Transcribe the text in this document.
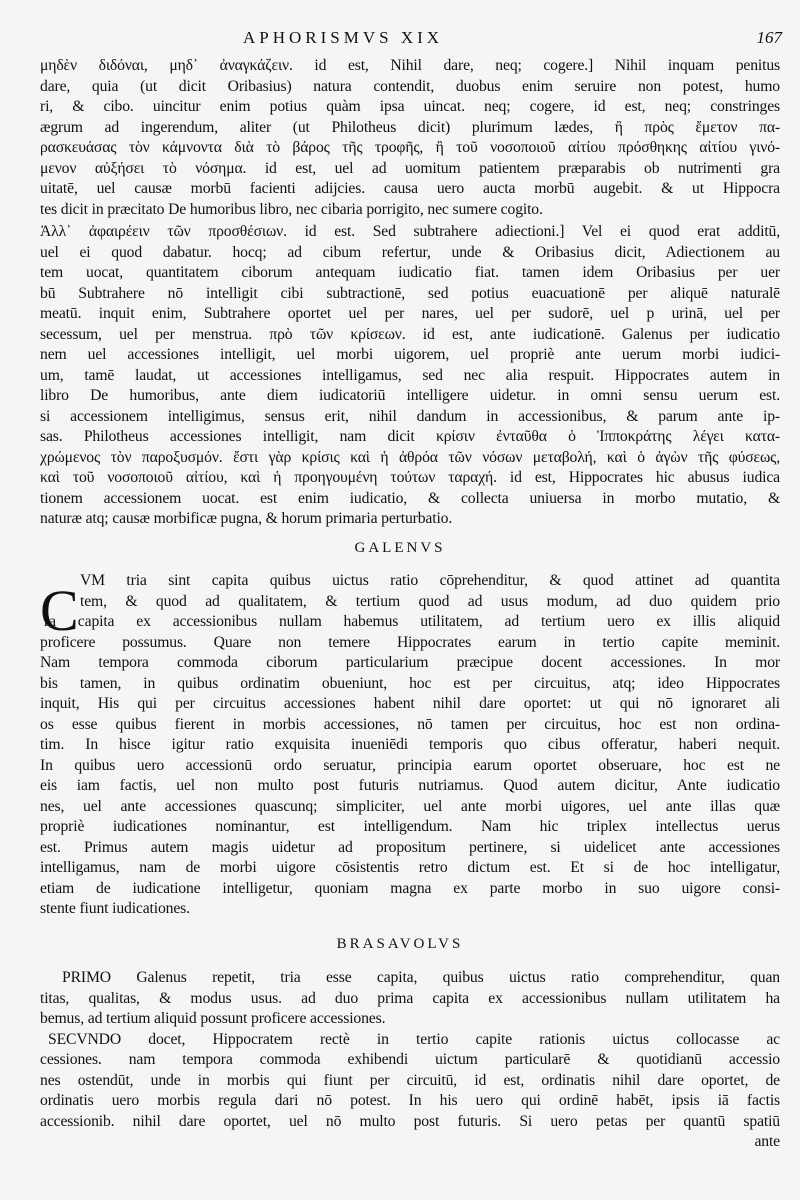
APHORISMVS XIX	167
μηδὲν διδόναι, μηδ᾽ ἀναγκάζειν. id est, Nihil dare, neq; cogere.] Nihil inquam penitus
dare, quia (ut dicit Oribasius) natura contendit, duobus enim seruire non potest, humo
ri, & cibo. uincitur enim potius quàm ipsa uincat. neq; cogere, id est, neq; constringes
ægrum ad ingerendum, aliter (ut Philotheus dicit) plurimum lædes, ἢ πρὸς ἔμετον πα-
ρασκευάσας τὸν κάμνοντα διὰ τὸ βάρος τῆς τροφῆς, ἢ τοῦ νοσοποιοῦ αἰτίου πρόσθηκης αἰτίου γινό-
μενον αὐξήσει τὸ νόσημα. id est, uel ad uomitum patientem præparabis ob nutrimenti gra
uitatē, uel causæ morbū facienti adijcies. causa uero aucta morbū augebit. & ut Hippocra
tes dicit in præcitato De humoribus libro, nec cibaria porrigito, nec sumere cogito.
Ἀλλ᾽ ἀφαιρέειν τῶν προσθέσιων. id est. Sed subtrahere adiectioni.] Vel ei quod erat additū,
uel ei quod dabatur. hocq; ad cibum refertur, unde & Oribasius dicit, Adiectionem au
tem uocat, quantitatem ciborum antequam iudicatio fiat. tamen idem Oribasius per uer
bū Subtrahere nō intelligit cibi subtractionē, sed potius euacuationē per aliquē naturalē
meatū. inquit enim, Subtrahere oportet uel per nares, uel per sudorē, uel p urinā, uel per
secessum, uel per menstrua. πρὸ τῶν κρίσεων. id est, ante iudicationē. Galenus per iudicatio
nem uel accessiones intelligit, uel morbi uigorem, uel propriè ante uerum morbi iudici-
um, tamē laudat, ut accessiones intelligamus, sed nec alia respuit. Hippocrates autem in
libro De humoribus, ante diem iudicatoriū intelligere uidetur. in omni sensu uerum est.
si accessionem intelligimus, sensus erit, nihil dandum in accessionibus, & parum ante ip-
sas. Philotheus accessiones intelligit, nam dicit κρίσιν ἐνταῦθα ὁ Ἱπποκράτης λέγει κατα-
χρώμενος τὸν παροξυσμόν. ἔστι γὰρ κρίσις καὶ ἡ ἀθρόα τῶν νόσων μεταβολή, καὶ ὁ ἀγὼν τῆς φύσεως,
καὶ τοῦ νοσοποιοῦ αἰτίου, καὶ ἡ προηγουμένη τούτων ταραχή. id est, Hippocrates hic abusus iudica
tionem accessionem uocat. est enim iudicatio, & collecta uniuersa in morbo mutatio, &
naturæ atq; causæ morbificæ pugna, & horum primaria perturbatio.
GALENVS
C VM tria sint capita quibus uictus ratio cōprehenditur, & quod attinet ad quantita
tem, & quod ad qualitatem, & tertium quod ad usus modum, ad duo quidem prio
ra capita ex accessionibus nullam habemus utilitatem, ad tertium uero ex illis aliquid
proficere possumus. Quare non temere Hippocrates earum in tertio capite meminit.
Nam tempora commoda ciborum particularium præcipue docent accessiones. In mor
bis tamen, in quibus ordinatim obueniunt, hoc est per circuitus, atq; ideo Hippocrates
inquit, His qui per circuitus accessiones habent nihil dare oportet: ut qui nō ignoraret ali
os esse quibus fierent in morbis accessiones, nō tamen per circuitus, hoc est non ordina-
tim. In hisce igitur ratio exquisita inueniēdi temporis quo cibus offeratur, haberi nequit.
In quibus uero accessionū ordo seruatur, principia earum oportet obseruare, hoc est ne
eis iam factis, uel non multo post futuris nutriamus. Quod autem dicitur, Ante iudicatio
nes, uel ante accessiones quascunq; simpliciter, uel ante morbi uigores, uel ante illas quæ
propriè iudicationes nominantur, est intelligendum. Nam hic triplex intellectus uerus
est. Primus autem magis uidetur ad propositum pertinere, si uidelicet ante accessiones
intelligamus, nam de morbi uigore cōsistentis retro dictum est. Et si de hoc intelligatur,
etiam de iudicatione intelligetur, quoniam magna ex parte morbo in suo uigore consi-
stente fiunt iudicationes.
BRASAVOLVS
PRIMO Galenus repetit, tria esse capita, quibus uictus ratio comprehenditur, quan
titas, qualitas, & modus usus. ad duo prima capita ex accessionibus nullam utilitatem ha
bemus, ad tertium aliquid possunt proficere accessiones.
SECVNDO docet, Hippocratem rectè in tertio capite rationis uictus collocasse ac
cessiones. nam tempora commoda exhibendi uictum particularē & quotidianū accessio
nes ostendūt, unde in morbis qui fiunt per circuitū, id est, ordinatis nihil dare oportet, de
ordinatis uero morbis regula dari nō potest. In his uero qui ordinē habēt, ipsis iā factis
accessionib. nihil dare oportet, uel nō multo post futuris. Si uero petas per quantū spatiū
ante
